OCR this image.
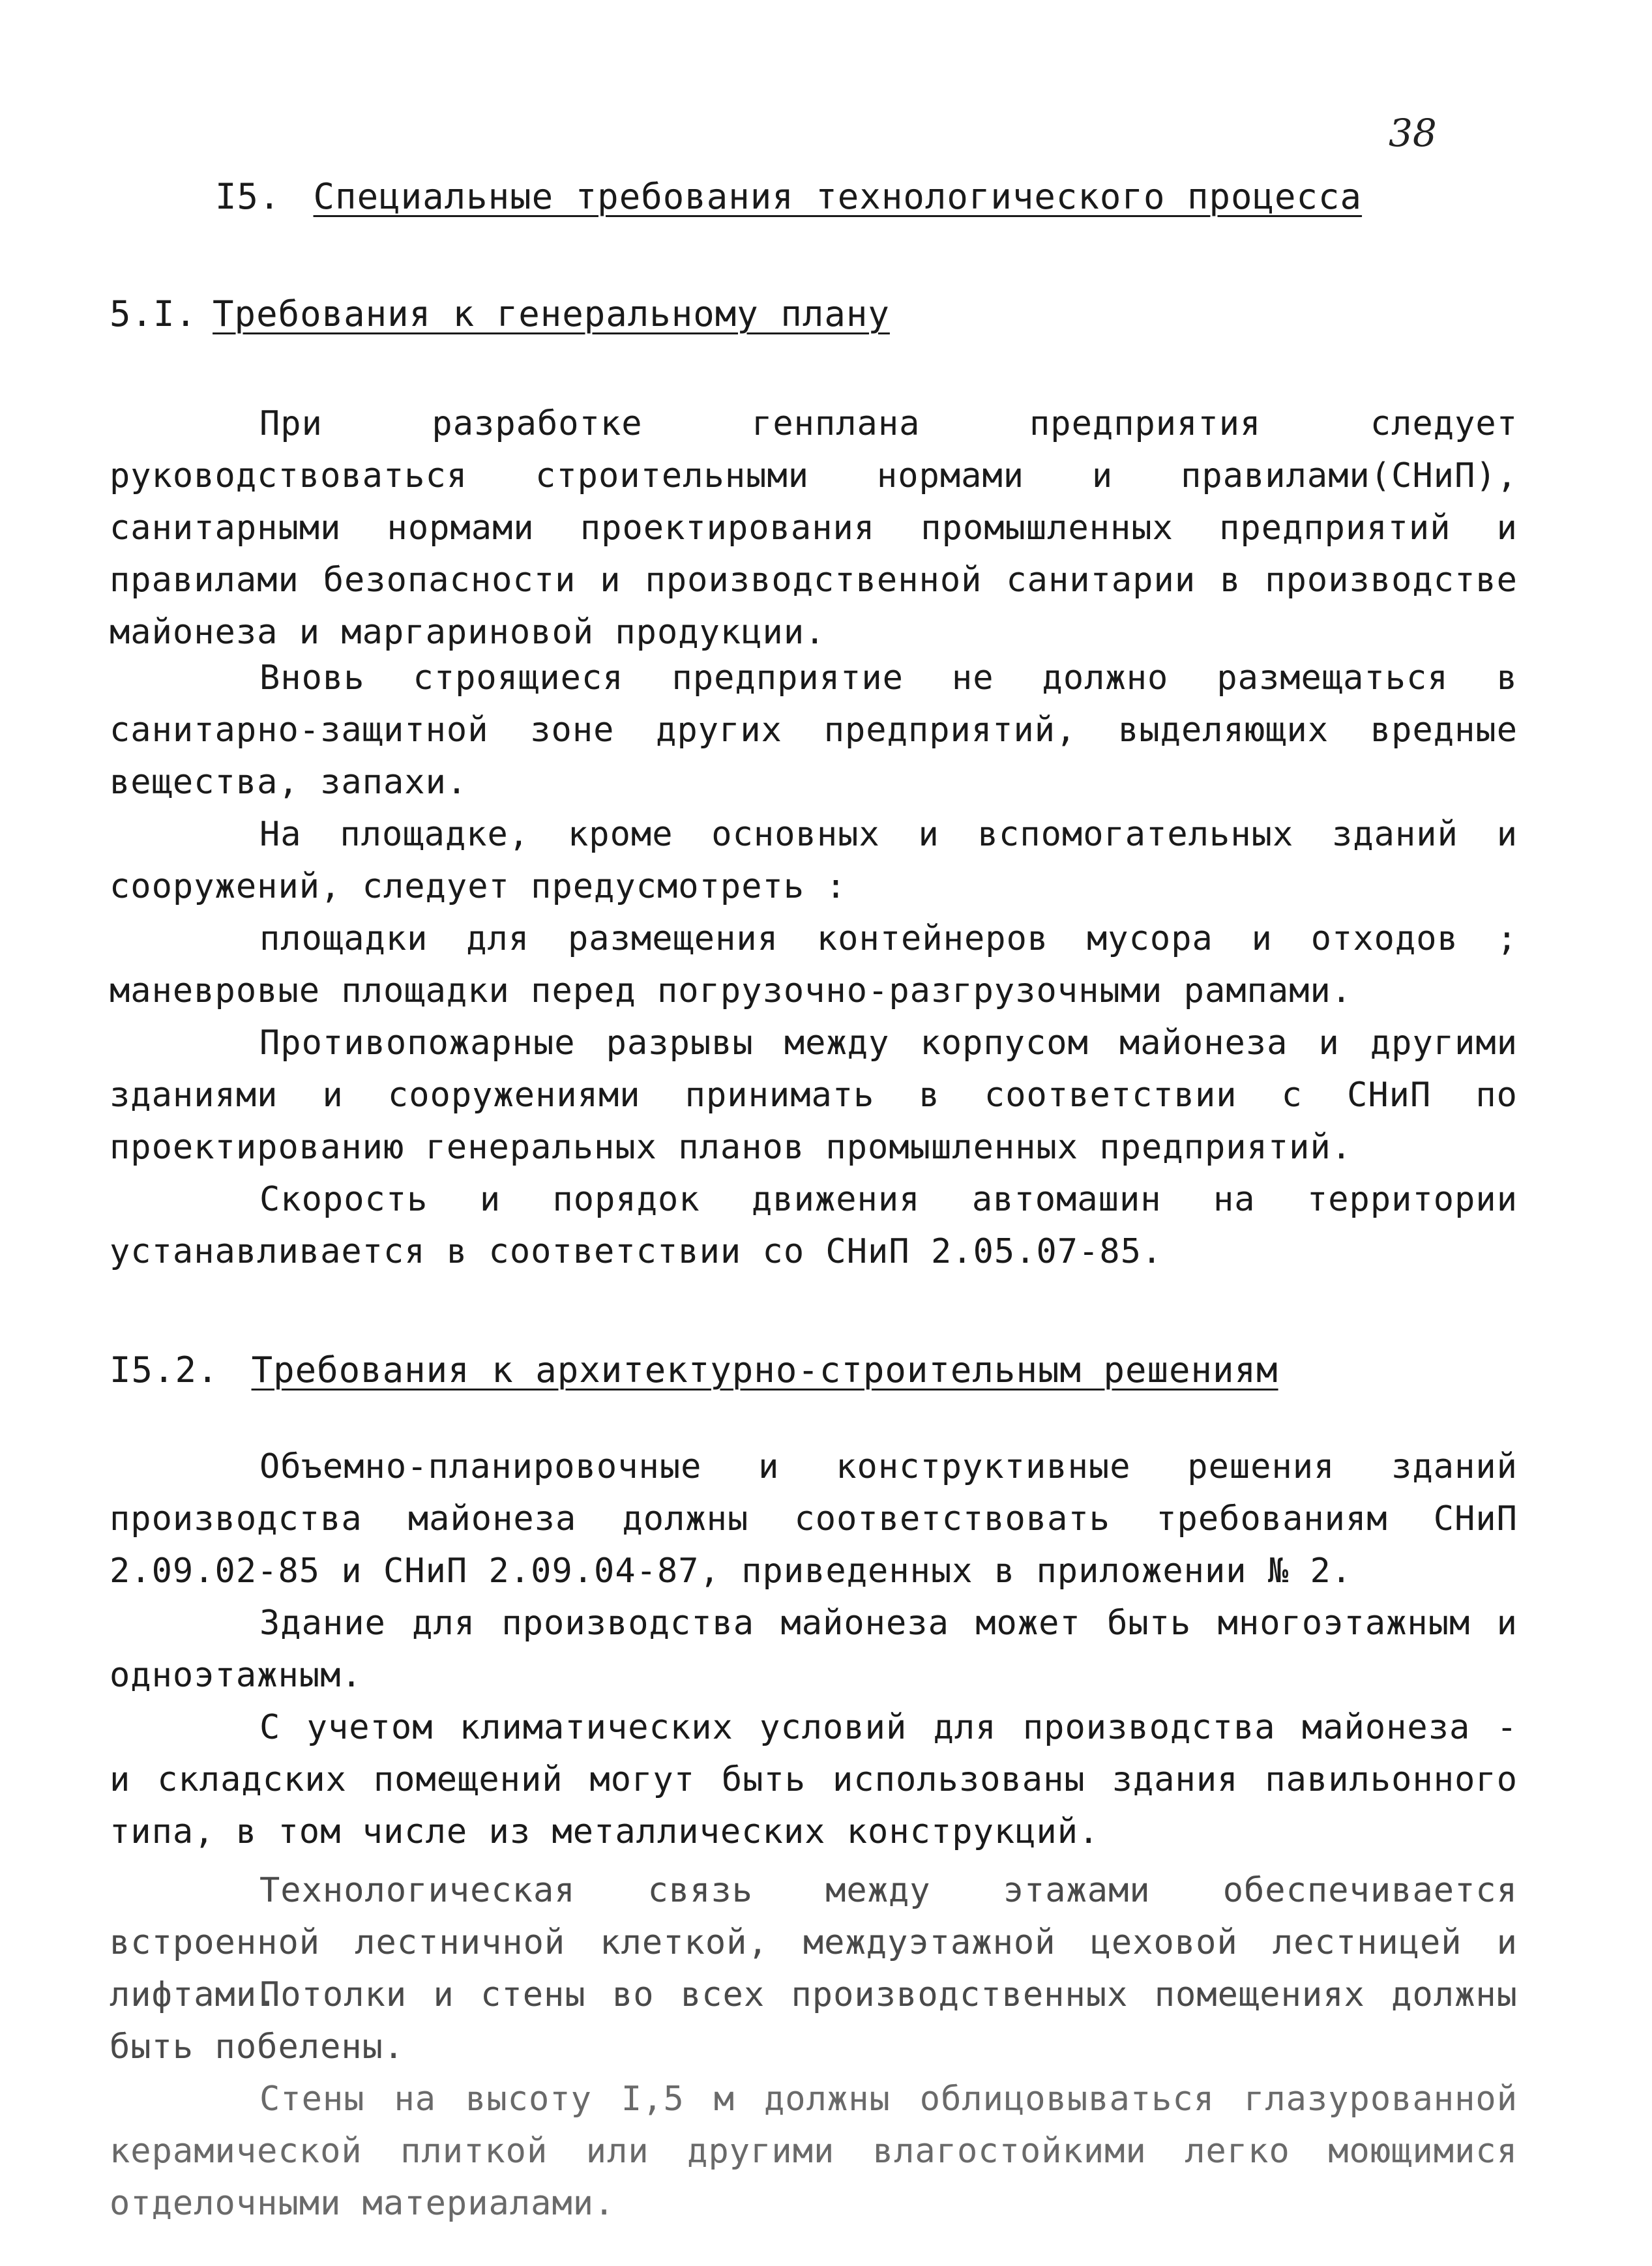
38
I5. Специальные требования технологического процесса
5.I. Требования к генеральному плану

При разработке генплана предприятия следует руководствоваться строительными нормами и правилами(СНиП), санитарными нормами проектирования промышленных предприятий и правилами безопасности и производственной санитарии в производстве майонеза и маргариновой продукции.

Вновь строящиеся предприятие не должно размещаться в санитарно-защитной зоне других предприятий, выделяющих вредные вещества, запахи.

На площадке, кроме основных и вспомогательных зданий и сооружений, следует предусмотреть :

площадки для размещения контейнеров мусора и отходов ; маневровые площадки перед погрузочно-разгрузочными рампами.

Противопожарные разрывы между корпусом майонеза и другими зданиями и сооружениями принимать в соответствии с СНиП по проектированию генеральных планов промышленных предприятий.

Скорость и порядок движения автомашин на территории устанавливается в соответствии со СНиП 2.05.07-85.

I5.2. Требования к архитектурно-строительным решениям

Объемно-планировочные и конструктивные решения зданий производства майонеза должны соответствовать требованиям СНиП 2.09.02-85 и СНиП 2.09.04-87, приведенных в приложении № 2.

Здание для производства майонеза может быть многоэтажным и одноэтажным.

С учетом климатических условий для производства майонеза - и складских помещений могут быть использованы здания павильонного типа, в том числе из металлических конструкций.

Технологическая связь между этажами обеспечивается встроенной лестничной клеткой, междуэтажной цеховой лестницей и лифтами.

Потолки и стены во всех производственных помещениях должны быть побелены.

Стены на высоту I,5 м должны облицовываться глазурованной керамической плиткой или другими влагостойкими легко моющимися отделочными материалами.
